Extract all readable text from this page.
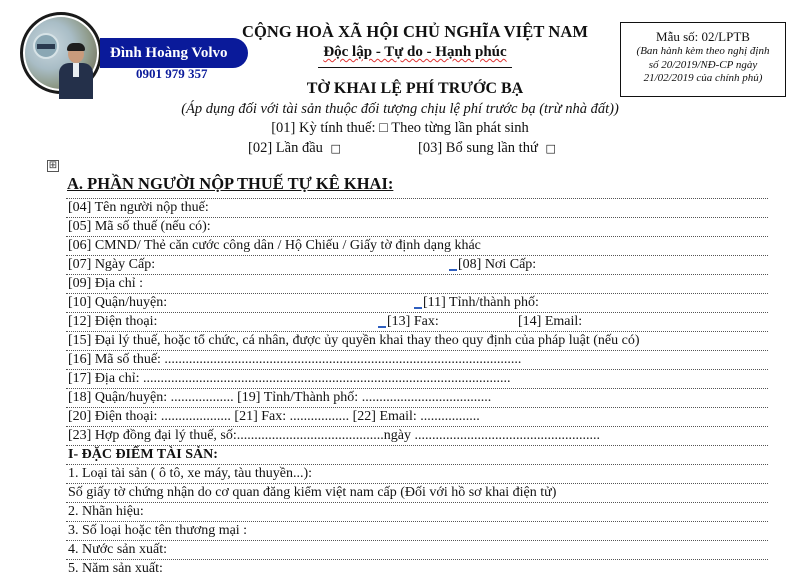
Đình Hoàng Volvo
0901 979 357
CỘNG HOÀ XÃ HỘI CHỦ NGHĨA VIỆT NAM
Độc lập - Tự do - Hạnh phúc
TỜ KHAI LỆ PHÍ TRƯỚC BẠ
Mẫu số: 02/LPTB
(Ban hành kèm theo nghị định
số 20/2019/NĐ-CP ngày
21/02/2019 của chính phủ)
(Áp dụng đối với tài sản thuộc đối tượng chịu lệ phí trước bạ (trừ nhà đất))
[01] Kỳ tính thuế: □ Theo từng lần phát sinh
[02] Lần đầu □	[03] Bổ sung lần thứ □
⊞
A. PHẦN NGƯỜI NỘP THUẾ TỰ KÊ KHAI:
[04] Tên người nộp thuế:
[05] Mã số thuế (nếu có):
[06] CMND/ Thẻ căn cước công dân / Hộ Chiếu / Giấy tờ định dạng khác
[07] Ngày Cấp:	[08] Nơi Cấp:
[09] Địa chỉ :
[10] Quận/huyện:	[11] Tỉnh/thành phố:
[12] Điện thoại:	[13] Fax:	[14] Email:
[15] Đại lý thuế, hoặc tổ chức, cá nhân, được ủy quyền khai thay theo quy định của pháp luật (nếu có)
[16] Mã số thuế: ......................................................................................................
[17] Địa chỉ: .........................................................................................................
[18] Quận/huyện: .................. [19] Tỉnh/Thành phố: .....................................
[20] Điện thoại: .................... [21] Fax: ................. [22] Email: .................
[23] Hợp đồng đại lý thuế, số:..........................................ngày .....................................................
I- ĐẶC ĐIỂM TÀI SẢN:
1. Loại tài sản ( ô tô, xe máy, tàu thuyền...):
Số giấy tờ chứng nhận do cơ quan đăng kiểm việt nam cấp (Đối với hồ sơ khai điện tử)
2. Nhãn hiệu:
3. Số loại hoặc tên thương mại :
4. Nước sản xuất:
5. Năm sản xuất:
